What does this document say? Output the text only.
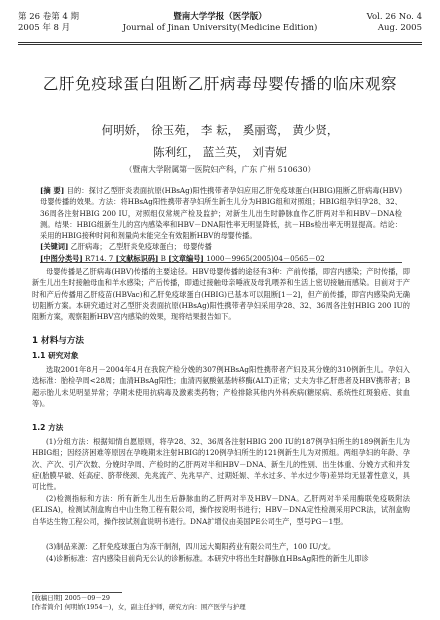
第 26 卷第 4 期
2005 年 8 月
暨南大学学报（医学版）
Journal of Jinan University(Medicine Edition)
Vol. 26 No. 4
Aug. 2005
乙肝免疫球蛋白阻断乙肝病毒母婴传播的临床观察
何明娇， 徐玉苑， 李 耘， 奚丽鸾， 黄少贤，
陈利红， 蓝兰英， 刘青妮
（暨南大学附属第一医院妇产科，广东 广州 510630）
[摘 要] 目的：探讨乙型肝炎表面抗原(HBsAg)阳性携带者孕妇应用乙肝免疫球蛋白(HBIG)阻断乙肝病毒(HBV)母婴传播的效果。方法：将HBsAg阳性携带者孕妇所生新生儿分为HBIG组和对照组；HBIG组孕妇孕28、32、36周各注射HBIG 200 IU，对照组仅常规产检及监护；对新生儿出生时静脉血作乙肝两对半和HBV－DNA检测。结果：HBIG组新生儿的宫内感染率和HBV－DNA阳性率无明显降低，抗－HBs检出率无明显提高。结论：采用的HBIG接种时间和剂量尚未能完全有效阻断HBV的母婴传播。
[关键词] 乙肝病毒； 乙型肝炎免疫球蛋白； 母婴传播
[中图分类号] R714. 7 [文献标识码] B [文章编号] 1000－9965(2005)04－0565－02
母婴传播是乙肝病毒(HBV)传播的主要途径。HBV母婴传播的途径有3种：产前传播，即宫内感染；产时传播，即新生儿出生时接触母血和羊水感染；产后传播，即通过接触母亲唾液及母乳喂养和生活上密切接触而感染。目前对于产时和产后传播用乙肝疫苗(HBVac)和乙肝免疫球蛋白(HBIG)已基本可以阻断[1－2]，但产前传播，即宫内感染尚无确切阻断方案。本研究通过对乙型肝炎表面抗原(HBsAg)阳性携带者孕妇采用孕28、32、36周各注射HBIG 200 IU的阻断方案，观察阻断HBV宫内感染的效果，现将结果报告如下。
1 材料与方法
1.1 研究对象
选取2001年8月－2004年4月在我院产检分娩的307例HBsAg阳性携带者产妇及其分娩的310例新生儿。孕妇入选标准：胎检孕周<28周；血清HBsAg阳性；血清丙氨酸氨基转移酶(ALT)正常；丈夫为非乙肝患者及HBV携带者；B超示胎儿未见明显异常；孕期未使用抗病毒及激素类药物；产检排除其他内外科疾病(糖尿病、系统性红斑狼疮、贫血等)。
1.2 方法
(1)分组方法：根据知情自愿原则，将孕28、32、36周各注射HBIG 200 IU的187例孕妇所生的189例新生儿为HBIG组；因经济困难等原因在孕晚期未注射HBIG的120例孕妇所生的121例新生儿为对照组。两组孕妇的年龄、孕次、产次、引产次数、分娩时孕周、产检时的乙肝两对半和HBV－DNA、新生儿的性别、出生体重、分娩方式和并发症(胎膜早破、妊高症、脐带绕颈、先兆流产、先兆早产、过期妊娠、羊水过多、羊水过少等)差异均无显著性意义，具可比性。
(2)检测指标和方法：所有新生儿出生后静脉血的乙肝两对半及HBV－DNA。乙肝两对半采用酶联免疫吸附法(ELISA)，检测试剂盒购自中山生物工程有限公司，操作按说明书进行；HBV－DNA定性检测采用PCR法，试剂盒购自华达生物工程公司，操作按试剂盒说明书进行。DNA扩增仪由美国PE公司生产，型号PG－1型。
(3)制品来源：乙肝免疫球蛋白为冻干制剂，四川远大蜀阳药业有限公司生产，100 IU/支。
(4)诊断标准：宫内感染目前尚无公认的诊断标准。本研究中将出生时静脉血HBsAg阳性的新生儿即诊
[收稿日期] 2005－09－29
[作者简介] 何明娇(1954－)，女，副主任护师，研究方向：围产医学与护理
